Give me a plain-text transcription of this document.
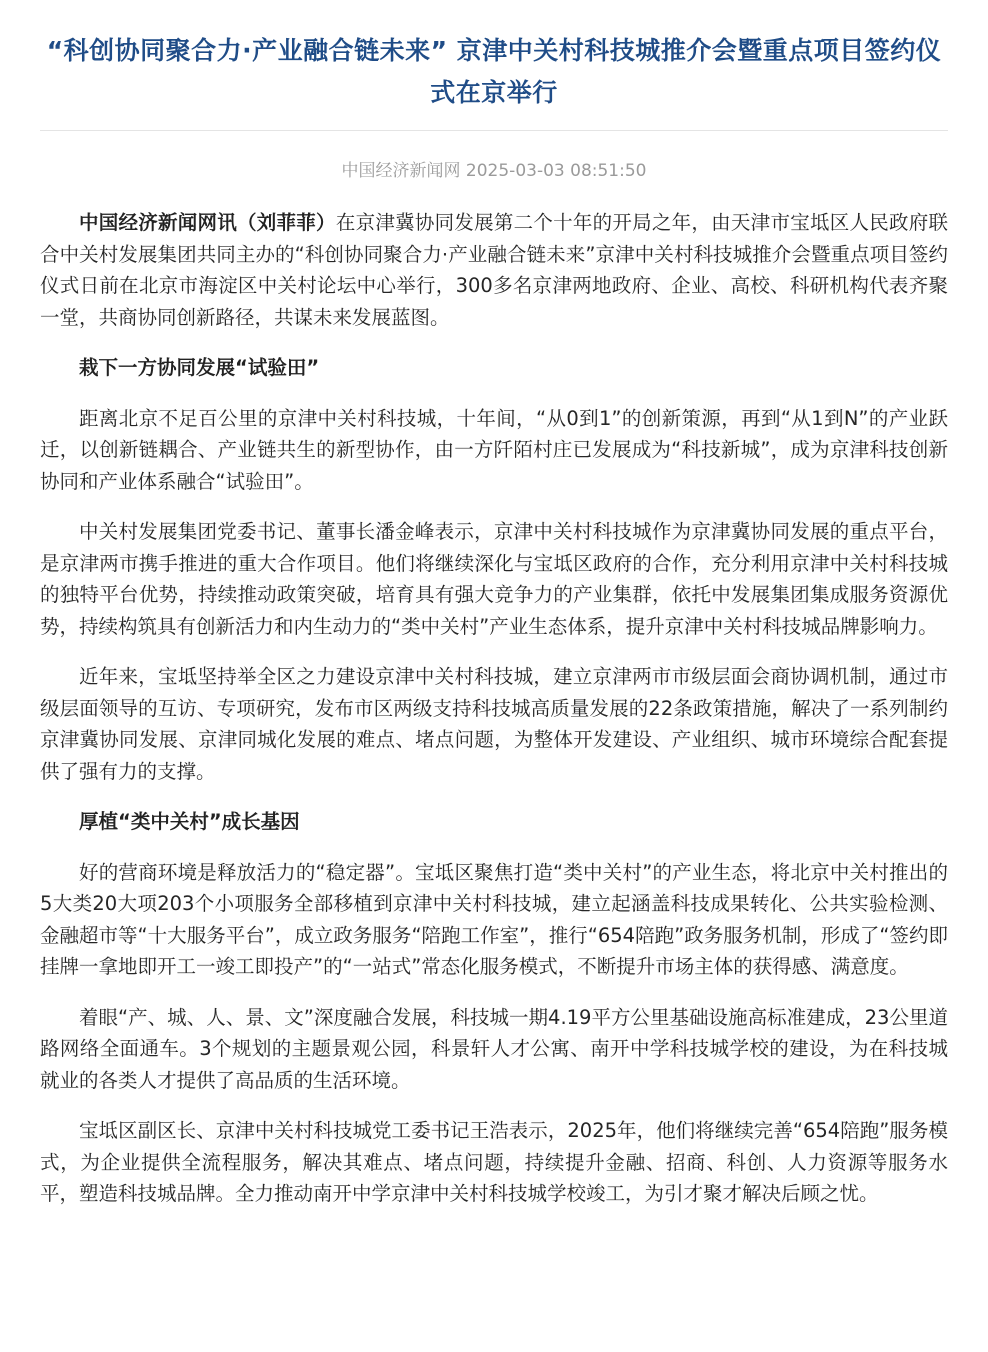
“科创协同聚合力·产业融合链未来” 京津中关村科技城推介会暨重点项目签约仪式在京举行
中国经济新闻网 2025-03-03 08:51:50

中国经济新闻网讯（刘菲菲）在京津冀协同发展第二个十年的开局之年，由天津市宝坻区人民政府联合中关村发展集团共同主办的“科创协同聚合力·产业融合链未来”京津中关村科技城推介会暨重点项目签约仪式日前在北京市海淀区中关村论坛中心举行，300多名京津两地政府、企业、高校、科研机构代表齐聚一堂，共商协同创新路径，共谋未来发展蓝图。

栽下一方协同发展“试验田”

距离北京不足百公里的京津中关村科技城，十年间，“从0到1”的创新策源，再到“从1到N”的产业跃迁，以创新链耦合、产业链共生的新型协作，由一方阡陌村庄已发展成为“科技新城”，成为京津科技创新协同和产业体系融合“试验田”。

中关村发展集团党委书记、董事长潘金峰表示，京津中关村科技城作为京津冀协同发展的重点平台，是京津两市携手推进的重大合作项目。他们将继续深化与宝坻区政府的合作，充分利用京津中关村科技城的独特平台优势，持续推动政策突破，培育具有强大竞争力的产业集群，依托中发展集团集成服务资源优势，持续构筑具有创新活力和内生动力的“类中关村”产业生态体系，提升京津中关村科技城品牌影响力。

近年来，宝坻坚持举全区之力建设京津中关村科技城，建立京津两市市级层面会商协调机制，通过市级层面领导的互访、专项研究，发布市区两级支持科技城高质量发展的22条政策措施，解决了一系列制约京津冀协同发展、京津同城化发展的难点、堵点问题，为整体开发建设、产业组织、城市环境综合配套提供了强有力的支撑。

厚植“类中关村”成长基因

好的营商环境是释放活力的“稳定器”。宝坻区聚焦打造“类中关村”的产业生态，将北京中关村推出的5大类20大项203个小项服务全部移植到京津中关村科技城，建立起涵盖科技成果转化、公共实验检测、金融超市等“十大服务平台”，成立政务服务“陪跑工作室”，推行“654陪跑”政务服务机制，形成了“签约即挂牌一拿地即开工一竣工即投产”的“一站式”常态化服务模式，不断提升市场主体的获得感、满意度。

着眼“产、城、人、景、文”深度融合发展，科技城一期4.19平方公里基础设施高标准建成，23公里道路网络全面通车。3个规划的主题景观公园，科景轩人才公寓、南开中学科技城学校的建设，为在科技城就业的各类人才提供了高品质的生活环境。

宝坻区副区长、京津中关村科技城党工委书记王浩表示，2025年，他们将继续完善“654陪跑”服务模式，为企业提供全流程服务，解决其难点、堵点问题，持续提升金融、招商、科创、人力资源等服务水平，塑造科技城品牌。全力推动南开中学京津中关村科技城学校竣工，为引才聚才解决后顾之忧。
